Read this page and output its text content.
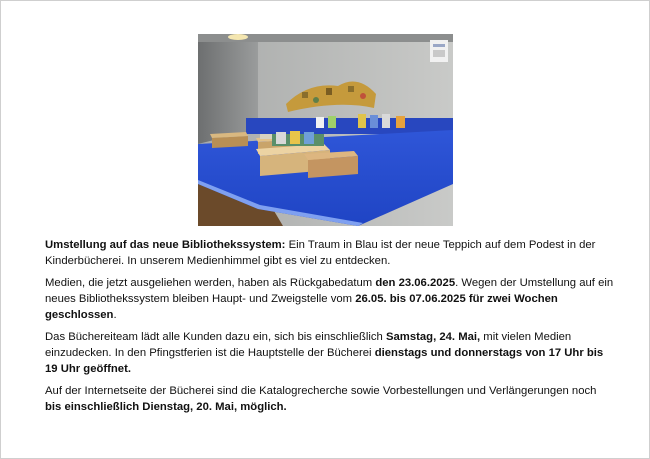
Umstellung auf das neue Bibliothekssystem: Ein Traum in Blau ist der neue Teppich auf dem Podest in der Kinderbücherei. In unserem Medienhimmel gibt es viel zu entdecken.

Medien, die jetzt ausgeliehen werden, haben als Rückgabedatum den 23.06.2025. Wegen der Umstellung auf ein neues Bibliothekssystem bleiben Haupt- und Zweigstelle vom 26.05. bis 07.06.2025 für zwei Wochen geschlossen.

Das Büchereiteam lädt alle Kunden dazu ein, sich bis einschließlich Samstag, 24. Mai, mit vielen Medien einzudecken. In den Pfingstferien ist die Hauptstelle der Bücherei dienstags und donnerstags von 17 Uhr bis 19 Uhr geöffnet.

Auf der Internetseite der Bücherei sind die Katalogrecherche sowie Vorbestellungen und Verlängerungen noch bis einschließlich Dienstag, 20. Mai, möglich.
